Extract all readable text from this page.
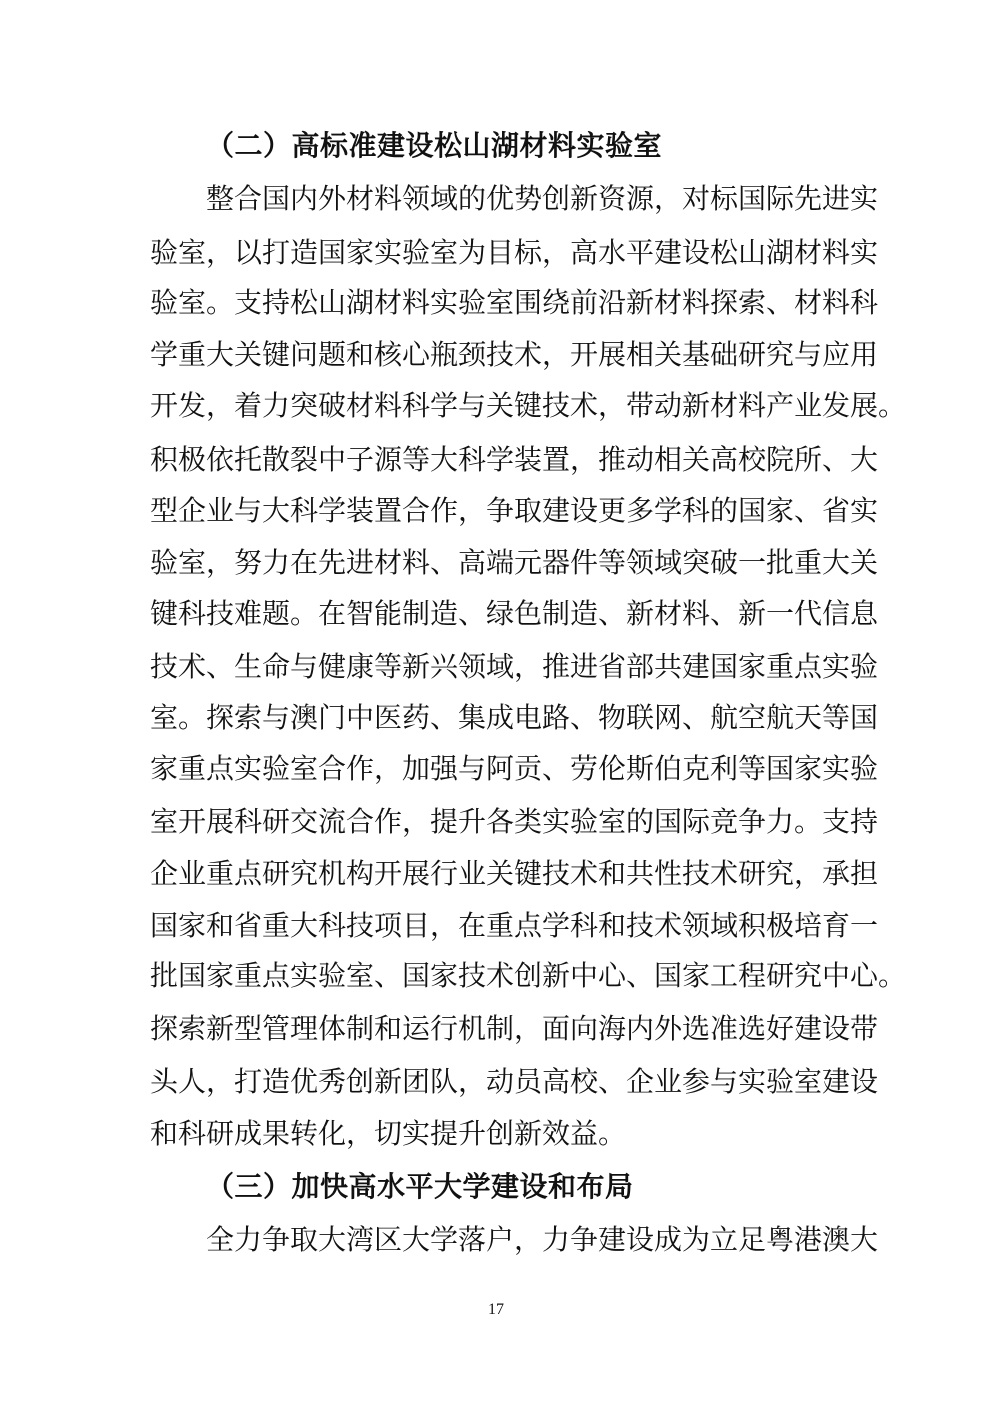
（二）高标准建设松山湖材料实验室
整合国内外材料领域的优势创新资源，对标国际先进实
验室，以打造国家实验室为目标，高水平建设松山湖材料实
验室。支持松山湖材料实验室围绕前沿新材料探索、材料科
学重大关键问题和核心瓶颈技术，开展相关基础研究与应用
开发，着力突破材料科学与关键技术，带动新材料产业发展。
积极依托散裂中子源等大科学装置，推动相关高校院所、大
型企业与大科学装置合作，争取建设更多学科的国家、省实
验室，努力在先进材料、高端元器件等领域突破一批重大关
键科技难题。在智能制造、绿色制造、新材料、新一代信息
技术、生命与健康等新兴领域，推进省部共建国家重点实验
室。探索与澳门中医药、集成电路、物联网、航空航天等国
家重点实验室合作，加强与阿贡、劳伦斯伯克利等国家实验
室开展科研交流合作，提升各类实验室的国际竞争力。支持
企业重点研究机构开展行业关键技术和共性技术研究，承担
国家和省重大科技项目，在重点学科和技术领域积极培育一
批国家重点实验室、国家技术创新中心、国家工程研究中心。
探索新型管理体制和运行机制，面向海内外选准选好建设带
头人，打造优秀创新团队，动员高校、企业参与实验室建设
和科研成果转化，切实提升创新效益。
（三）加快高水平大学建设和布局
全力争取大湾区大学落户，力争建设成为立足粤港澳大
17
